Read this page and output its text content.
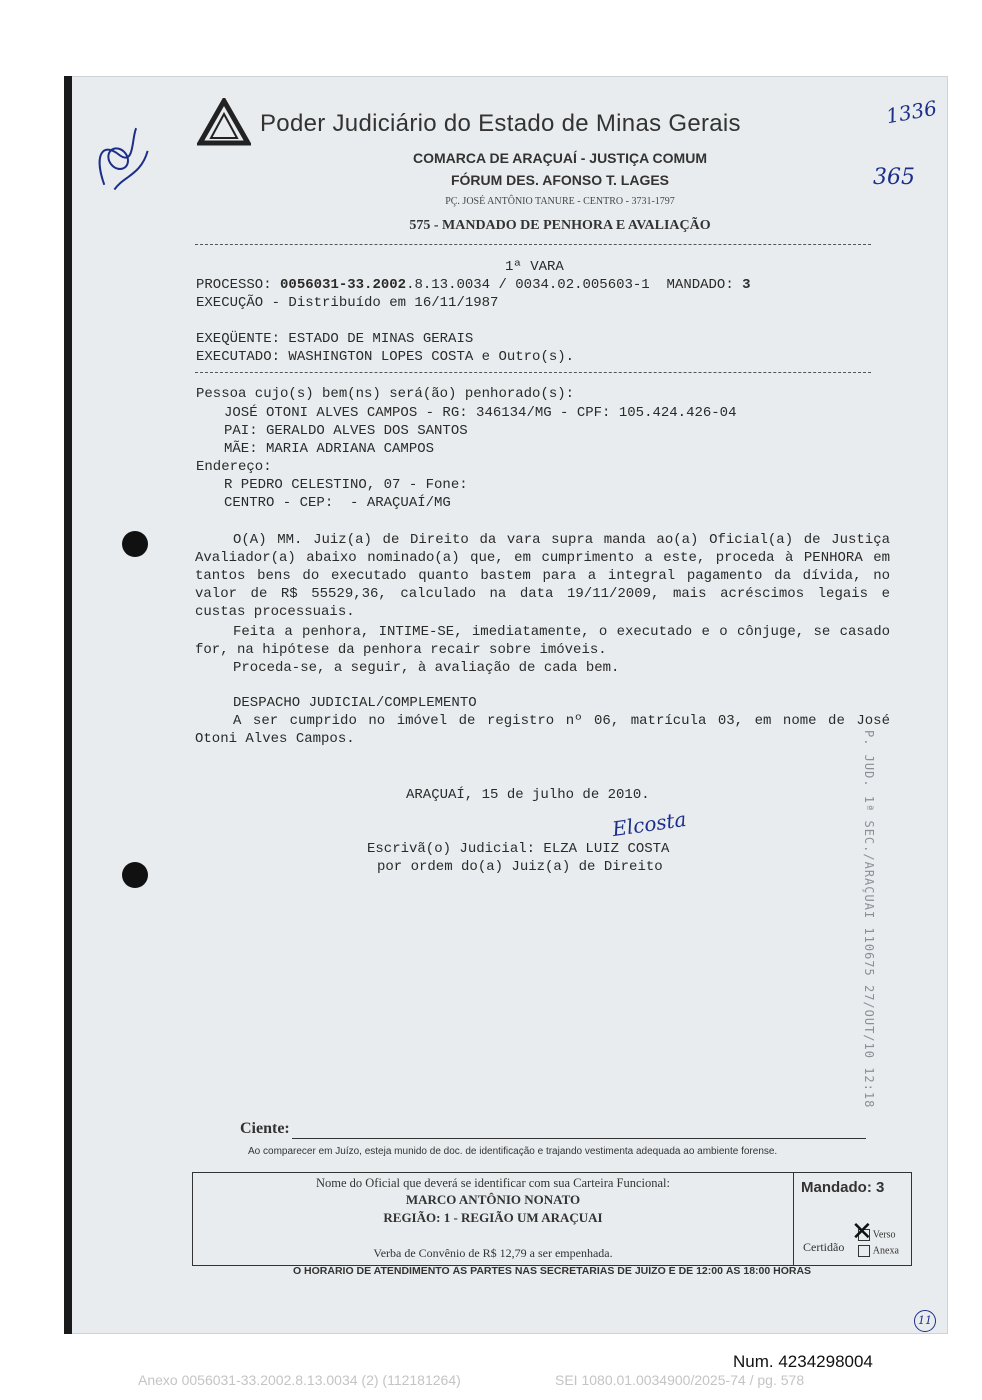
Poder Judiciário do Estado de Minas Gerais
COMARCA DE ARAÇUAÍ - JUSTIÇA COMUM
FÓRUM DES. AFONSO T. LAGES
PÇ. JOSÉ ANTÔNIO TANURE - CENTRO - 3731-1797
575 - MANDADO DE PENHORA E AVALIAÇÃO
1ª VARA
PROCESSO: 0056031-33.2002.8.13.0034 / 0034.02.005603-1 MANDADO: 3
EXECUÇÃO - Distribuído em 16/11/1987
EXEQÜENTE: ESTADO DE MINAS GERAIS
EXECUTADO: WASHINGTON LOPES COSTA e Outro(s).
Pessoa cujo(s) bem(ns) será(ão) penhorado(s):
JOSÉ OTONI ALVES CAMPOS - RG: 346134/MG - CPF: 105.424.426-04
PAI: GERALDO ALVES DOS SANTOS
MÃE: MARIA ADRIANA CAMPOS
Endereço:
R PEDRO CELESTINO, 07 - Fone:
CENTRO - CEP:  - ARAÇUAÍ/MG
O(A) MM. Juiz(a) de Direito da vara supra manda ao(a) Oficial(a) de Justiça Avaliador(a) abaixo nominado(a) que, em cumprimento a este, proceda à PENHORA em tantos bens do executado quanto bastem para a integral pagamento da dívida, no valor de R$ 55529,36, calculado na data 19/11/2009, mais acréscimos legais e custas processuais.
Feita a penhora, INTIME-SE, imediatamente, o executado e o cônjuge, se casado for, na hipótese da penhora recair sobre imóveis.
Proceda-se, a seguir, à avaliação de cada bem.
DESPACHO JUDICIAL/COMPLEMENTO
A ser cumprido no imóvel de registro nº 06, matrícula 03, em nome de José Otoni Alves Campos.
ARAÇUAÍ, 15 de julho de 2010.
Elcosta
Escrivã(o) Judicial: ELZA LUIZ COSTA
por ordem do(a) Juiz(a) de Direito	P. JUD. 1ª SEC./ARAÇUAI 110675 27/OUT/10 12:18
Ciente:
Ao comparecer em Juízo, esteja munido de doc. de identificação e trajando vestimenta adequada ao ambiente forense.
Nome do Oficial que deverá se identificar com sua Carteira Funcional:
MARCO ANTÔNIO NONATO
REGIÃO: 1 - REGIÃO UM ARAÇUAI
Verba de Convênio de R$ 12,79 a ser empenhada.
Mandado: 3
Certidão
✕ Verso
Anexa
O HORÁRIO DE ATENDIMENTO ÀS PARTES NAS SECRETARIAS DE JUÍZO É DE 12:00 ÀS 18:00 HORAS
1336
365
11
Num. 4234298004
Anexo 0056031-33.2002.8.13.0034 (2) (112181264)	SEI 1080.01.0034900/2025-74 / pg. 578
